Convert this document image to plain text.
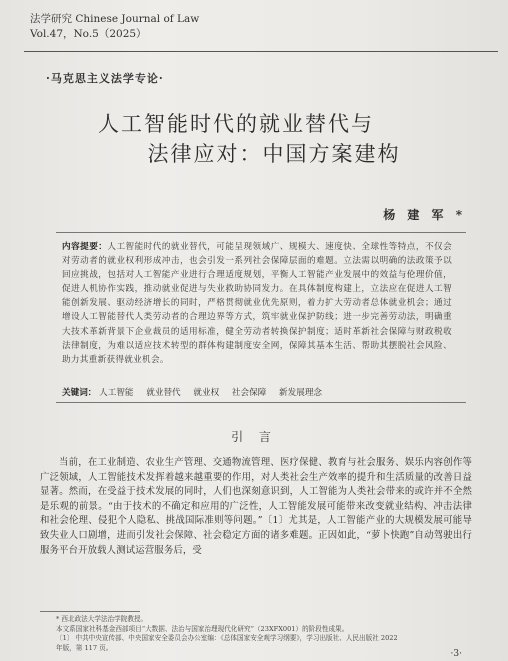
法学研究 Chinese Journal of Law
Vol.47，No.5（2025）
·马克思主义法学专论·
人工智能时代的就业替代与
法律应对：中国方案建构
杨 建 军 *
内容提要：人工智能时代的就业替代，可能呈现领域广、规模大、速度快、全球性等特点，不仅会对劳动者的就业权利形成冲击，也会引发一系列社会保障层面的难题。立法需以明确的法政策予以回应挑战，包括对人工智能产业进行合理适度规划，平衡人工智能产业发展中的效益与伦理价值，促进人机协作实践，推动就业促进与失业救助协同发力。在具体制度构建上，立法应在促进人工智能创新发展、驱动经济增长的同时，严格贯彻就业优先原则，着力扩大劳动者总体就业机会；通过增设人工智能替代人类劳动者的合理边界等方式，筑牢就业保护防线；进一步完善劳动法，明确重大技术革新背景下企业裁员的适用标准，健全劳动者转换保护制度；适时革新社会保障与财政税收法律制度，为难以适应技术转型的群体构建制度安全网，保障其基本生活、帮助其摆脱社会风险、助力其重新获得就业机会。
关键词： 人工智能 就业替代 就业权 社会保障 新发展理念
引 言
当前，在工业制造、农业生产管理、交通物流管理、医疗保健、教育与社会服务、娱乐内容创作等广泛领域，人工智能技术发挥着越来越重要的作用，对人类社会生产效率的提升和生活质量的改善日益显著。然而，在受益于技术发展的同时，人们也深刻意识到，人工智能为人类社会带来的或许并不全然是乐观的前景。“由于技术的不确定和应用的广泛性，人工智能发展可能带来改变就业结构、冲击法律和社会伦理、侵犯个人隐私、挑战国际准则等问题。”〔1〕尤其是，人工智能产业的大规模发展可能导致失业人口剧增，进而引发社会保障、社会稳定方面的诸多难题。正因如此，“萝卜快跑”自动驾驶出行服务平台开放载人测试运营服务后，受
* 西北政法大学法治学院教授。
本文系国家社科基金西部项目“大数据、法治与国家治理现代化研究”（23XFX001）的阶段性成果。
〔1〕 中共中央宣传部、中央国家安全委员会办公室编：《总体国家安全观学习纲要》，学习出版社、人民出版社 2022
年版，第 117 页。
·3·
